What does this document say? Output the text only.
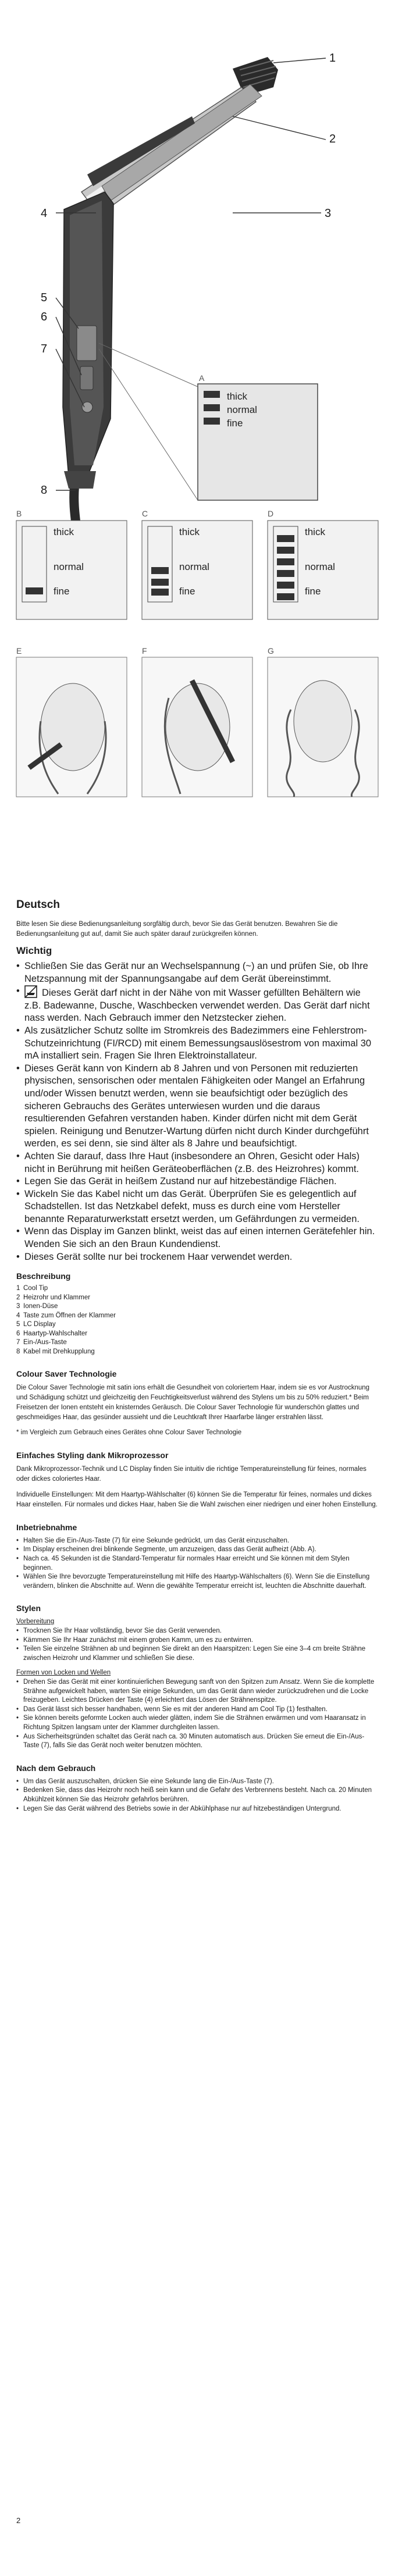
1
2
3
4
5
6
7
8
A
thick
normal
fine
B
thick
normal
fine
C
thick
normal
fine
D
thick
normal
fine
E	F	G
Deutsch

Bitte lesen Sie diese Bedienungsanleitung sorgfältig durch, bevor Sie das Gerät benutzen. Bewahren Sie die Bedienungsanleitung gut auf, damit Sie auch später darauf zurückgreifen können.

Wichtig
• Schließen Sie das Gerät nur an Wechselspannung (~) an und prüfen Sie, ob Ihre Netzspannung mit der Spannungsangabe auf dem Gerät übereinstimmt.
• Dieses Gerät darf nicht in der Nähe von mit Wasser gefüllten Behältern wie z.B. Badewanne, Dusche, Waschbecken verwendet werden. Das Gerät darf nicht nass werden. Nach Gebrauch immer den Netzstecker ziehen.
• Als zusätzlicher Schutz sollte im Stromkreis des Badezimmers eine Fehlerstrom-Schutzeinrichtung (FI/RCD) mit einem Bemessungsauslösestrom von maximal 30 mA installiert sein. Fragen Sie Ihren Elektroinstallateur.
• Dieses Gerät kann von Kindern ab 8 Jahren und von Personen mit reduzierten physischen, sensorischen oder mentalen Fähigkeiten oder Mangel an Erfahrung und/oder Wissen benutzt werden, wenn sie beaufsichtigt oder bezüglich des sicheren Gebrauchs des Gerätes unterwiesen wurden und die daraus resultierenden Gefahren verstanden haben. Kinder dürfen nicht mit dem Gerät spielen. Reinigung und Benutzer-Wartung dürfen nicht durch Kinder durchgeführt werden, es sei denn, sie sind älter als 8 Jahre und beaufsichtigt.
• Achten Sie darauf, dass Ihre Haut (insbesondere an Ohren, Gesicht oder Hals) nicht in Berührung mit heißen Geräteoberflächen (z.B. des Heizrohres) kommt.
• Legen Sie das Gerät in heißem Zustand nur auf hitzebeständige Flächen.
• Wickeln Sie das Kabel nicht um das Gerät. Überprüfen Sie es gelegentlich auf Schadstellen. Ist das Netzkabel defekt, muss es durch eine vom Hersteller benannte Reparaturwerkstatt ersetzt werden, um Gefährdungen zu vermeiden.
• Wenn das Display im Ganzen blinkt, weist das auf einen internen Gerätefehler hin. Wenden Sie sich an den Braun Kundendienst.
• Dieses Gerät sollte nur bei trockenem Haar verwendet werden.
Beschreibung
1 Cool Tip
2 Heizrohr und Klammer
3 Ionen-Düse
4 Taste zum Öffnen der Klammer
5 LC Display
6 Haartyp-Wahlschalter
7 Ein-/Aus-Taste
8 Kabel mit Drehkupplung
Colour Saver Technologie

Die Colour Saver Technologie mit satin ions erhält die Gesundheit von coloriertem Haar, indem sie es vor Austrocknung und Schädigung schützt und gleichzeitig den Feuchtigkeitsverlust während des Stylens um bis zu 50% reduziert.* Beim Freisetzen der Ionen entsteht ein knisterndes Geräusch. Die Colour Saver Technologie für wunderschön glattes und geschmeidiges Haar, das gesünder aussieht und die Leuchtkraft Ihrer Haarfarbe länger erstrahlen lässt.

* im Vergleich zum Gebrauch eines Gerätes ohne Colour Saver Technologie

Einfaches Styling dank Mikroprozessor

Dank Mikroprozessor-Technik und LC Display finden Sie intuitiv die richtige Temperatureinstellung für feines, normales oder dickes coloriertes Haar.

Individuelle Einstellungen: Mit dem Haartyp-Wählschalter (6) können Sie die Temperatur für feines, normales und dickes Haar einstellen. Für normales und dickes Haar, haben Sie die Wahl zwischen einer niedrigen und einer hohen Einstellung.

Inbetriebnahme
• Halten Sie die Ein-/Aus-Taste (7) für eine Sekunde gedrückt, um das Gerät einzuschalten.
• Im Display erscheinen drei blinkende Segmente, um anzuzeigen, dass das Gerät aufheizt (Abb. A).
• Nach ca. 45 Sekunden ist die Standard-Temperatur für normales Haar erreicht und Sie können mit dem Stylen beginnen.
• Wählen Sie Ihre bevorzugte Temperatureinstellung mit Hilfe des Haartyp-Wählschalters (6). Wenn Sie die Einstellung verändern, blinken die Abschnitte auf. Wenn die gewählte Temperatur erreicht ist, leuchten die Abschnitte dauerhaft.
Stylen

Vorbereitung

• Trocknen Sie Ihr Haar vollständig, bevor Sie das Gerät verwenden.
• Kämmen Sie Ihr Haar zunächst mit einem groben Kamm, um es zu entwirren.
• Teilen Sie einzelne Strähnen ab und beginnen Sie direkt an den Haarspitzen: Legen Sie eine 3–4 cm breite Strähne zwischen Heizrohr und Klammer und schließen Sie diese.

Formen von Locken und Wellen

• Drehen Sie das Gerät mit einer kontinuierlichen Bewegung sanft von den Spitzen zum Ansatz. Wenn Sie die komplette Strähne aufgewickelt haben, warten Sie einige Sekunden, um das Gerät dann wieder zurückzudrehen und die Locke freizugeben. Leichtes Drücken der Taste (4) erleichtert das Lösen der Strähnenspitze.
• Das Gerät lässt sich besser handhaben, wenn Sie es mit der anderen Hand am Cool Tip (1) festhalten.
• Sie können bereits geformte Locken auch wieder glätten, indem Sie die Strähnen erwärmen und vom Haaransatz in Richtung Spitzen langsam unter der Klammer durchgleiten lassen.
• Aus Sicherheitsgründen schaltet das Gerät nach ca. 30 Minuten automatisch aus. Drücken Sie erneut die Ein-/Aus-Taste (7), falls Sie das Gerät noch weiter benutzen möchten.
Nach dem Gebrauch
• Um das Gerät auszuschalten, drücken Sie eine Sekunde lang die Ein-/Aus-Taste (7).
• Bedenken Sie, dass das Heizrohr noch heiß sein kann und die Gefahr des Verbrennens besteht. Nach ca. 20 Minuten Abkühlzeit können Sie das Heizrohr gefahrlos berühren.
• Legen Sie das Gerät während des Betriebs sowie in der Abkühlphase nur auf hitzebeständigen Untergrund.
2
